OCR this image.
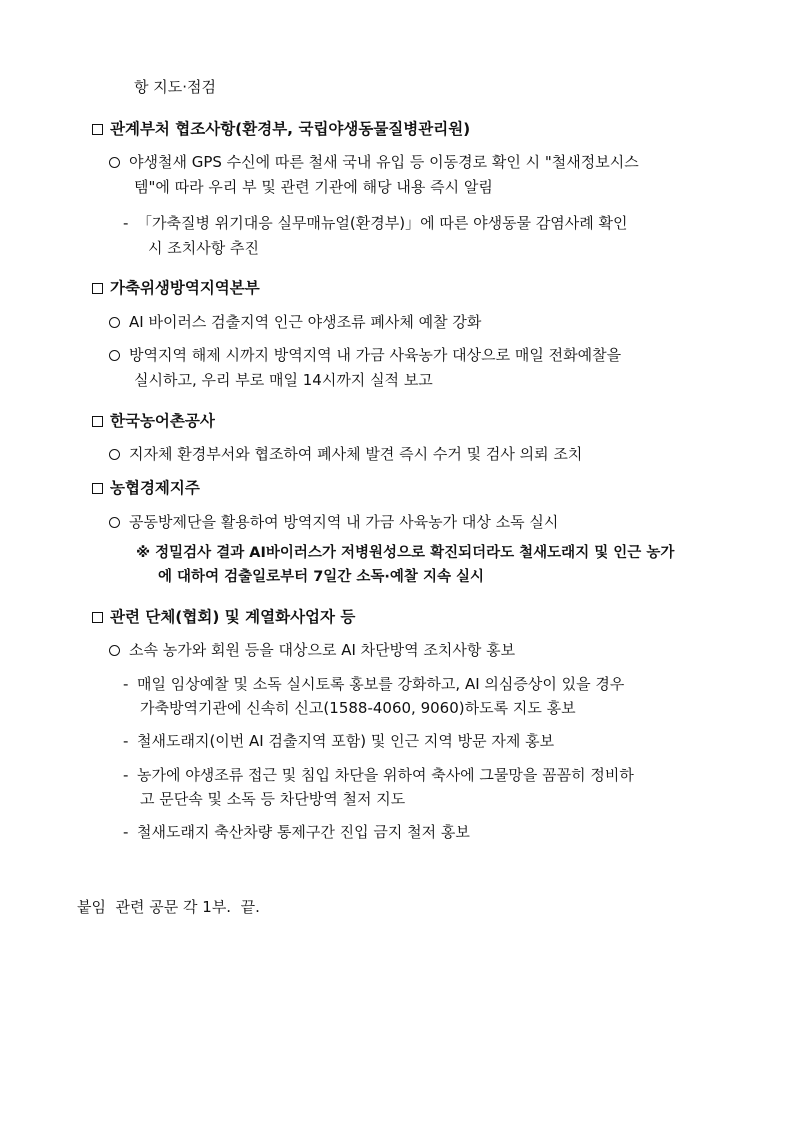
항 지도·점검
관계부처 협조사항(환경부, 국립야생동물질병관리원)
야생철새 GPS 수신에 따른 철새 국내 유입 등 이동경로 확인 시 "철새정보시스
템"에 따라 우리 부 및 관련 기관에 해당 내용 즉시 알림
- 「가축질병 위기대응 실무매뉴얼(환경부)」에 따른 야생동물 감염사례 확인
시 조치사항 추진
가축위생방역지역본부
AI 바이러스 검출지역 인근 야생조류 폐사체 예찰 강화
방역지역 해제 시까지 방역지역 내 가금 사육농가 대상으로 매일 전화예찰을
실시하고, 우리 부로 매일 14시까지 실적 보고
한국농어촌공사
지자체 환경부서와 협조하여 폐사체 발견 즉시 수거 및 검사 의뢰 조치
농협경제지주
공동방제단을 활용하여 방역지역 내 가금 사육농가 대상 소독 실시
※ 정밀검사 결과 AI바이러스가 저병원성으로 확진되더라도 철새도래지 및 인근 농가
에 대하여 검출일로부터 7일간 소독·예찰 지속 실시
관련 단체(협회) 및 계열화사업자 등
소속 농가와 회원 등을 대상으로 AI 차단방역 조치사항 홍보
- 매일 임상예찰 및 소독 실시토록 홍보를 강화하고, AI 의심증상이 있을 경우
가축방역기관에 신속히 신고(1588-4060, 9060)하도록 지도 홍보
- 철새도래지(이번 AI 검출지역 포함) 및 인근 지역 방문 자제 홍보
- 농가에 야생조류 접근 및 침입 차단을 위하여 축사에 그물망을 꼼꼼히 정비하
고 문단속 및 소독 등 차단방역 철저 지도
- 철새도래지 축산차량 통제구간 진입 금지 철저 홍보
붙임  관련 공문 각 1부.  끝.
